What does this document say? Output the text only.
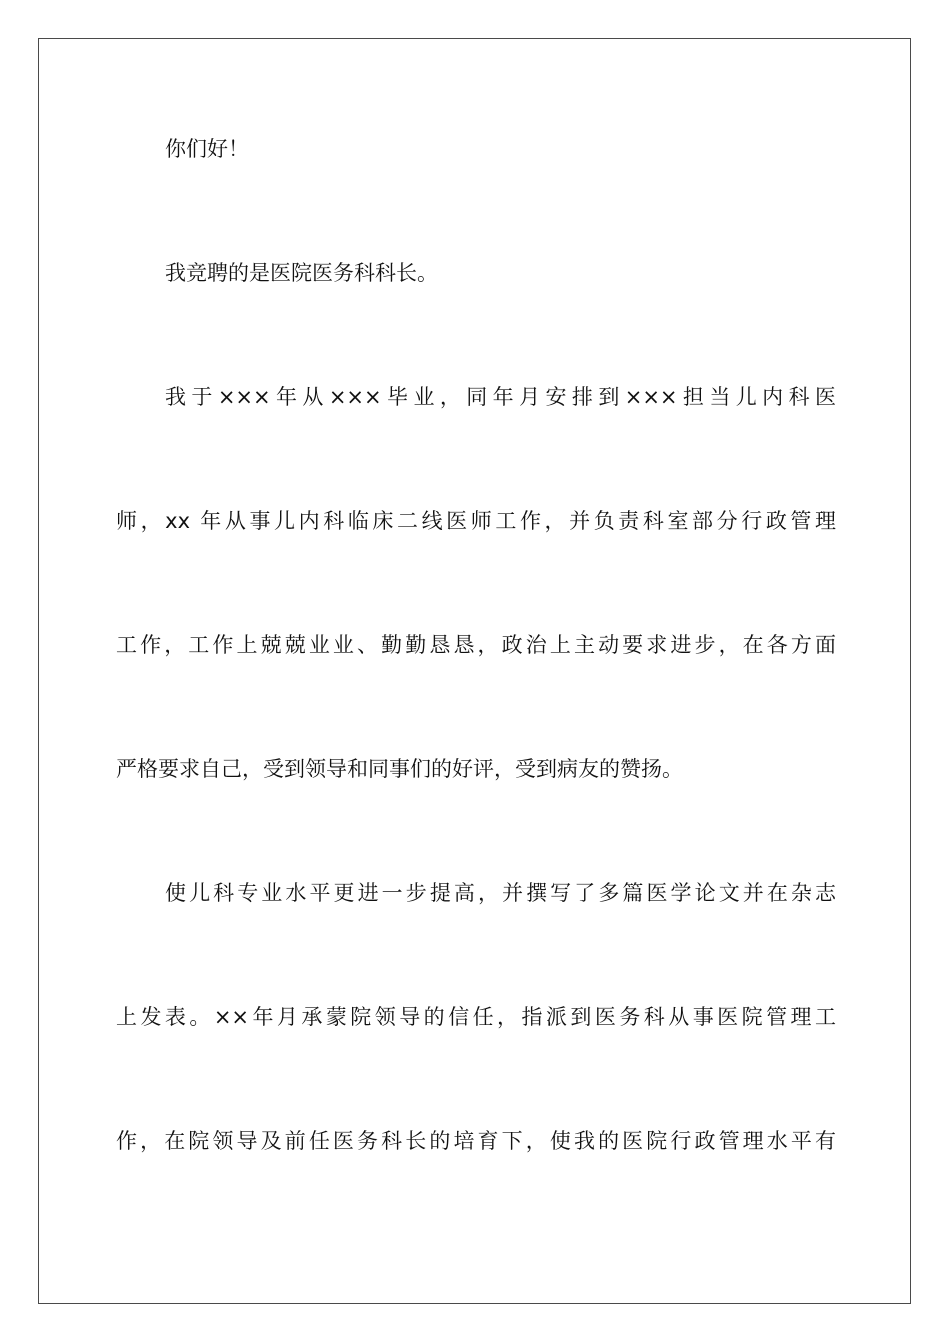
你们好！
我竞聘的是医院医务科科长。
我于×××年从×××毕业，同年月安排到×××担当儿内科医
师，xx 年从事儿内科临床二线医师工作，并负责科室部分行政管理
工作，工作上兢兢业业、勤勤恳恳，政治上主动要求进步，在各方面
严格要求自己，受到领导和同事们的好评，受到病友的赞扬。
使儿科专业水平更进一步提高，并撰写了多篇医学论文并在杂志
上发表。××年月承蒙院领导的信任，指派到医务科从事医院管理工
作，在院领导及前任医务科长的培育下，使我的医院行政管理水平有
